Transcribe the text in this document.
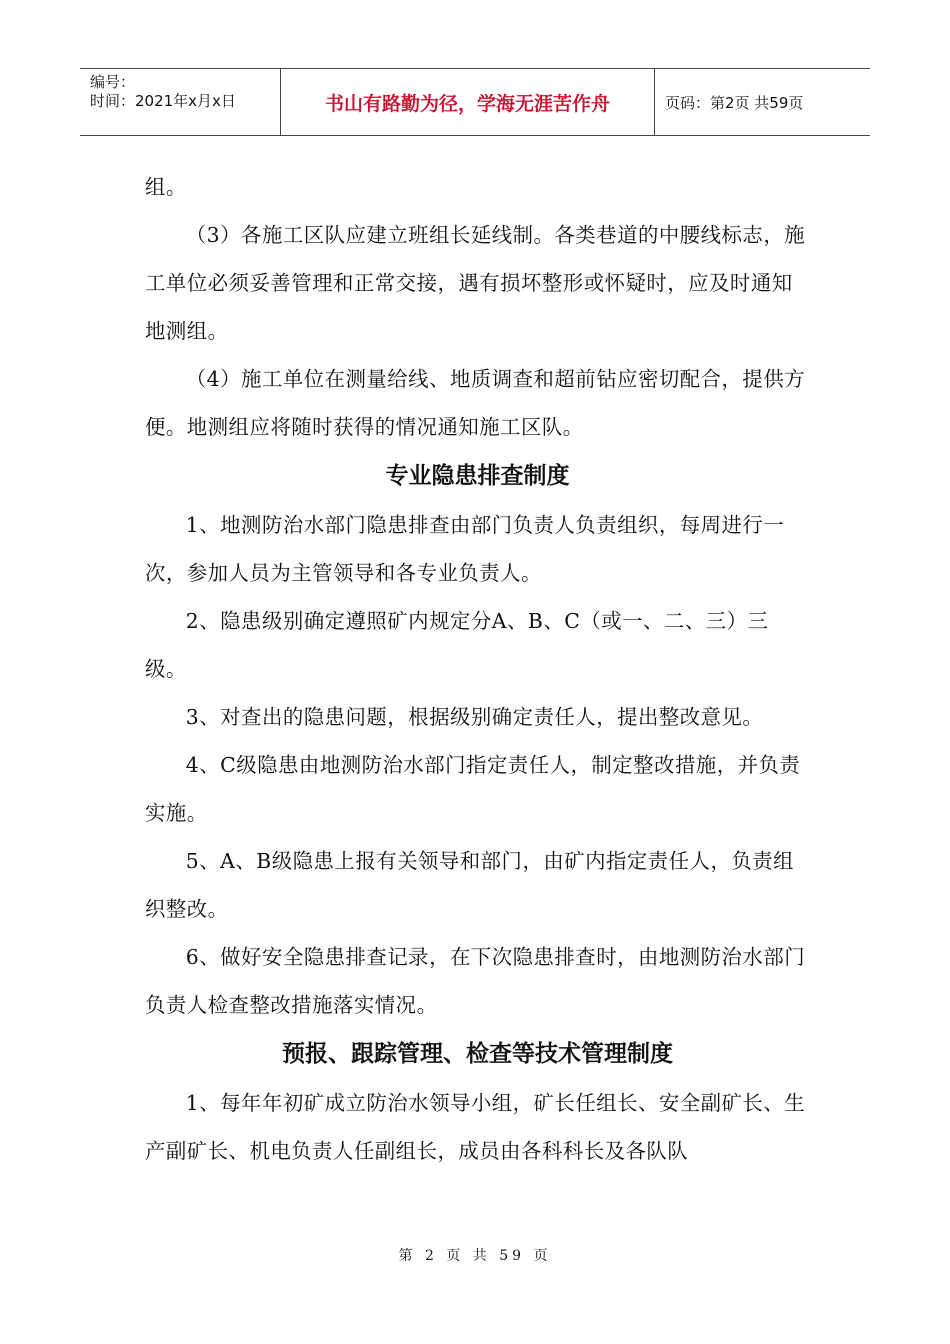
编号：
时间：2021年x月x日	书山有路勤为径，学海无涯苦作舟	页码：第2页 共59页

组。

（3）各施工区队应建立班组长延线制。各类巷道的中腰线标志，施工单位必须妥善管理和正常交接，遇有损坏整形或怀疑时，应及时通知地测组。

（4）施工单位在测量给线、地质调查和超前钻应密切配合，提供方便。地测组应将随时获得的情况通知施工区队。

专业隐患排查制度

1、地测防治水部门隐患排查由部门负责人负责组织，每周进行一次，参加人员为主管领导和各专业负责人。

2、隐患级别确定遵照矿内规定分A、B、C（或一、二、三）三级。

3、对查出的隐患问题，根据级别确定责任人，提出整改意见。

4、C级隐患由地测防治水部门指定责任人，制定整改措施，并负责实施。

5、A、B级隐患上报有关领导和部门，由矿内指定责任人，负责组织整改。

6、做好安全隐患排查记录，在下次隐患排查时，由地测防治水部门负责人检查整改措施落实情况。

预报、跟踪管理、检查等技术管理制度

1、每年年初矿成立防治水领导小组，矿长任组长、安全副矿长、生产副矿长、机电负责人任副组长，成员由各科科长及各队队

第 2 页 共 59 页
